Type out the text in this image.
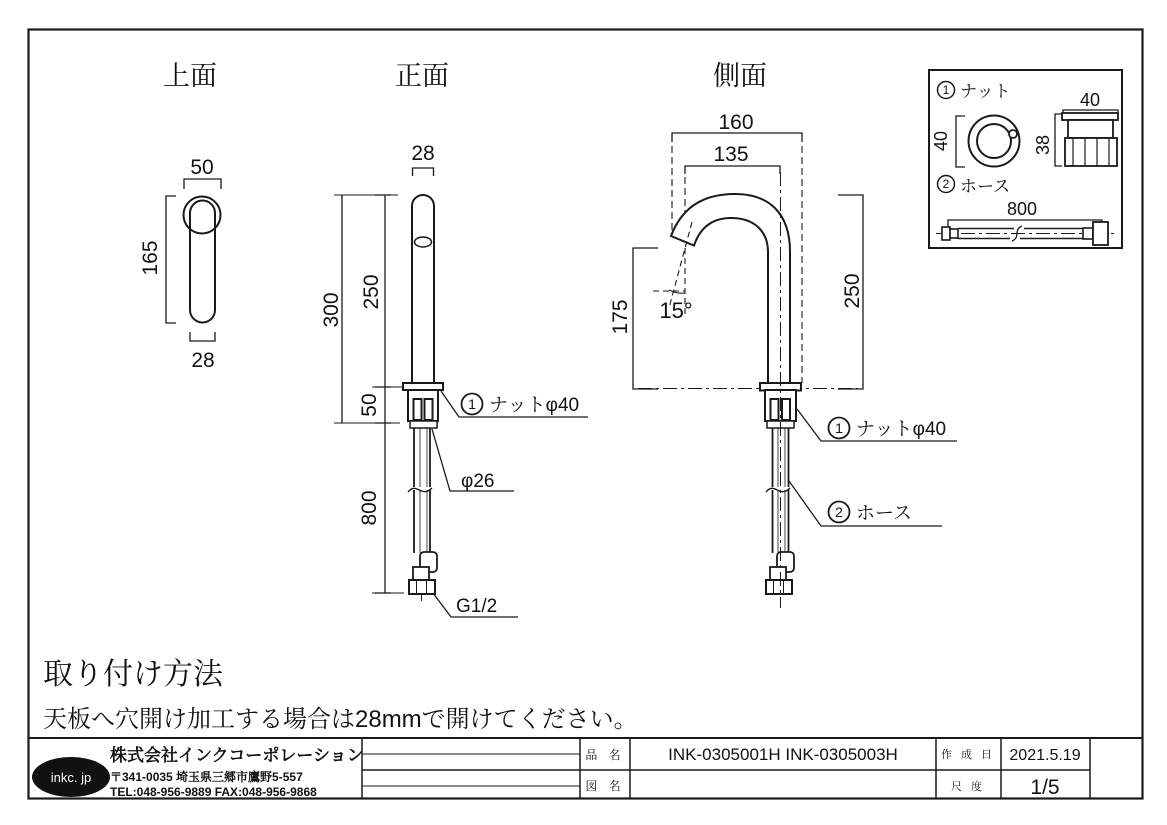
上面
50
165
28
正面
28
300
250
50
800
1 ナットφ40
φ26
G1/2
側面
160
135
15°
175
250
1 ナットφ40
2 ホース
1 ナット
40
40
38
2 ホース
800
取り付け方法
天板へ穴開け加工する場合は28mmで開けてください。
inkc. jp
株式会社インクコーポレーション
〒341-0035 埼玉県三郷市鷹野5-557
TEL:048-956-9889 FAX:048-956-9868
品 名	INK-0305001H INK-0305003H
図 名
作 成 日 2021.5.19
尺 度 1/5
